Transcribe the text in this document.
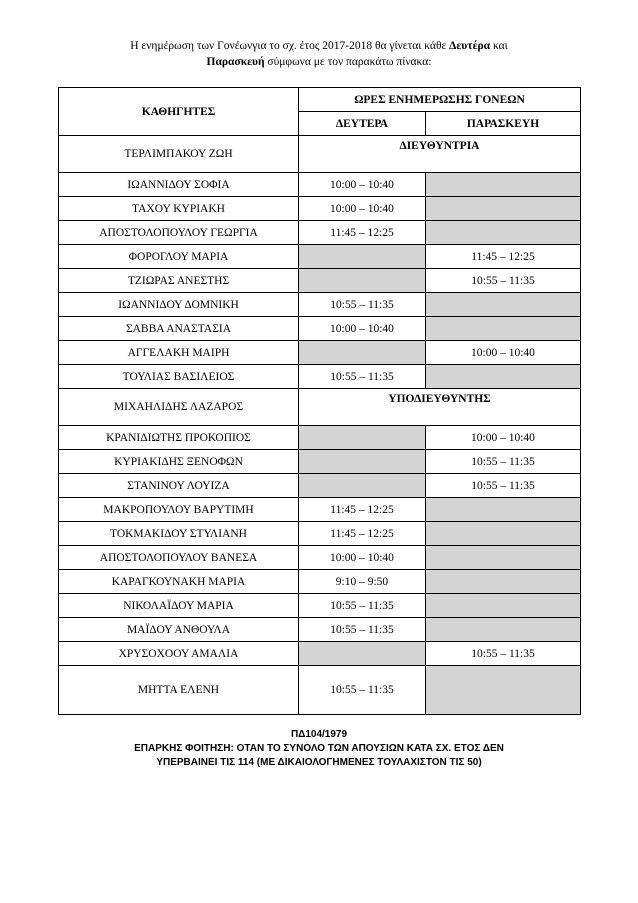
Η ενημέρωση των Γονέωνγια το σχ. έτος 2017-2018 θα γίνεται κάθε Δευτέρα και
Παρασκευή σύμφωνα με τον παρακάτω πίνακα:
ΚΑΘΗΓΗΤΕΣ	ΩΡΕΣ ΕΝΗΜΕΡΩΣΗΣ ΓΟΝΕΩΝ	
	ΔΕΥΤΕΡΑ	ΠΑΡΑΣΚΕΥΗ
ΤΕΡΛΙΜΠΑΚΟΥ ΖΩΗ	ΔΙΕΥΘΥΝΤΡΙΑ	
ΙΩΑΝΝΙΔΟΥ ΣΟΦΙΑ	10:00 – 10:40	
ΤΑΧΟΥ ΚΥΡΙΑΚΗ	10:00 – 10:40	
ΑΠΟΣΤΟΛΟΠΟΥΛΟΥ ΓΕΩΡΓΙΑ	11:45 – 12:25	
ΦΟΡΟΓΛΟΥ ΜΑΡΙΑ		11:45 – 12:25
ΤΖΙΩΡΑΣ ΑΝΕΣΤΗΣ		10:55 – 11:35
ΙΩΑΝΝΙΔΟΥ ΔΟΜΝΙΚΗ	10:55 – 11:35	
ΣΑΒΒΑ ΑΝΑΣΤΑΣΙΑ	10:00 – 10:40	
ΑΓΓΕΛΑΚΗ ΜΑΙΡΗ		10:00 – 10:40
ΤΟΥΛΙΑΣ ΒΑΣΙΛΕΙΟΣ	10:55 – 11:35	
ΜΙΧΑΗΛΙΔΗΣ ΛΑΖΑΡΟΣ	ΥΠΟΔΙΕΥΘΥΝΤΗΣ	
ΚΡΑΝΙΔΙΩΤΗΣ ΠΡΟΚΟΠΙΟΣ		10:00 – 10:40
ΚΥΡΙΑΚΙΔΗΣ ΞΕΝΟΦΩΝ		10:55 – 11:35
ΣΤΑΝΙΝΟΥ ΛΟΥΙΖΑ		10:55 – 11:35
ΜΑΚΡΟΠΟΥΛΟΥ ΒΑΡΥΤΙΜΗ	11:45 – 12:25	
ΤΟΚΜΑΚΙΔΟΥ ΣΤΥΛΙΑΝΗ	11:45 – 12:25	
ΑΠΟΣΤΟΛΟΠΟΥΛΟΥ ΒΑΝΕΣΑ	10:00 – 10:40	
ΚΑΡΑΓΚΟΥΝΑΚΗ ΜΑΡΙΑ	9:10 – 9:50	
ΝΙΚΟΛΑΪΔΟΥ ΜΑΡΙΑ	10:55 – 11:35	
ΜΑΪΔΟΥ ΑΝΘΟΥΛΑ	10:55 – 11:35	
ΧΡΥΣΟΧΟΟΥ ΑΜΑΛΙΑ		10:55 – 11:35
ΜΗΤΤΑ ΕΛΕΝΗ	10:55 – 11:35	
ΠΔ104/1979
ΕΠΑΡΚΗΣ ΦΟΙΤΗΣΗ: ΟΤΑΝ ΤΟ ΣΥΝΟΛΟ ΤΩΝ ΑΠΟΥΣΙΩΝ ΚΑΤΑ ΣΧ. ΕΤΟΣ ΔΕΝ
ΥΠΕΡΒΑΙΝΕΙ ΤΙΣ 114 (ΜΕ ΔΙΚΑΙΟΛΟΓΗΜΕΝΕΣ ΤΟΥΛΑΧΙΣΤΟΝ ΤΙΣ 50)
